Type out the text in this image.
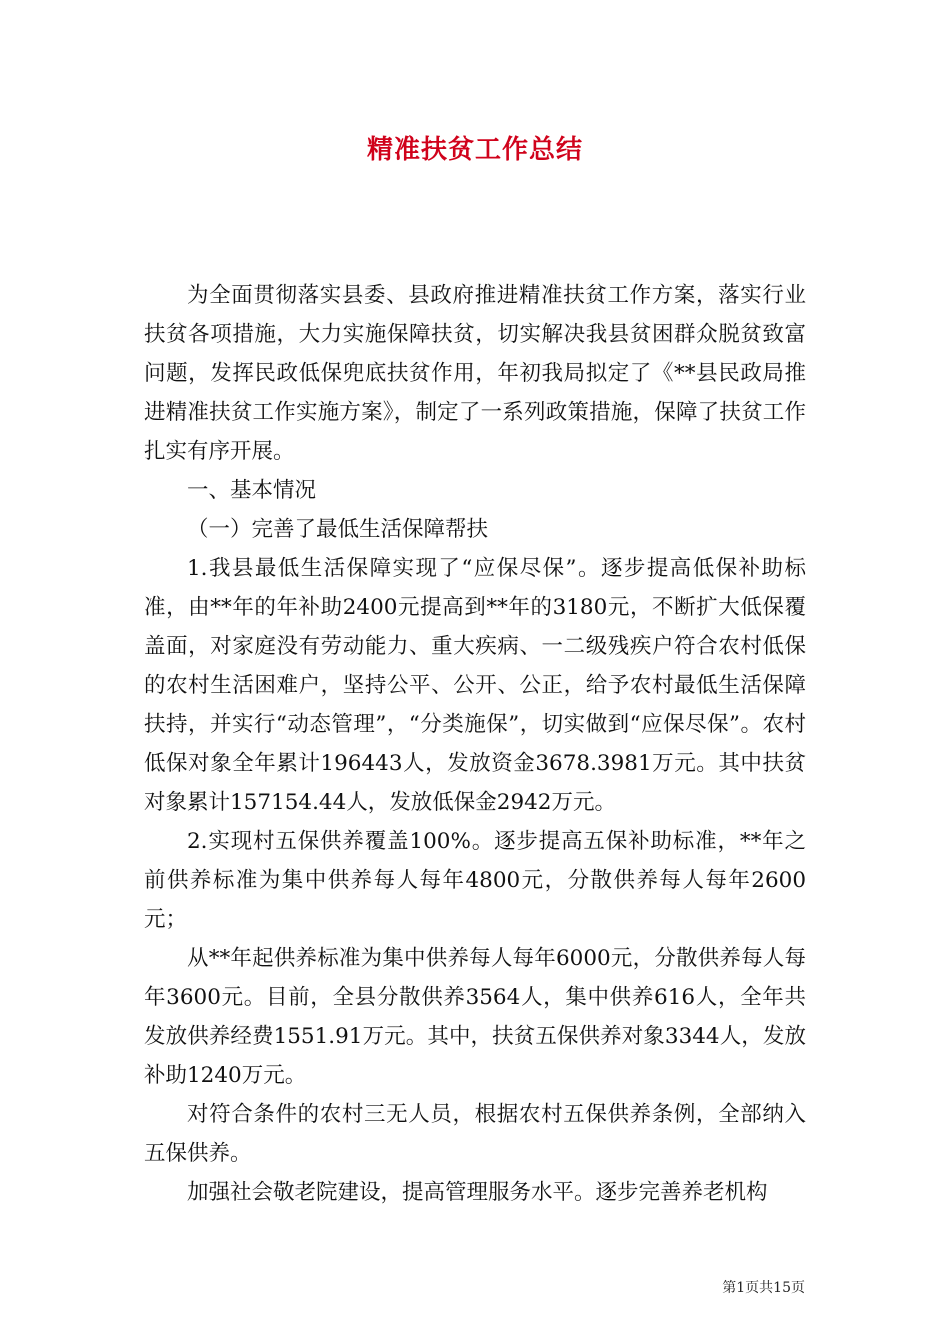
精准扶贫工作总结

为全面贯彻落实县委、县政府推进精准扶贫工作方案，落实行业扶贫各项措施，大力实施保障扶贫，切实解决我县贫困群众脱贫致富问题，发挥民政低保兜底扶贫作用，年初我局拟定了《**县民政局推进精准扶贫工作实施方案》，制定了一系列政策措施，保障了扶贫工作扎实有序开展。

一、基本情况

（一）完善了最低生活保障帮扶

1.我县最低生活保障实现了“应保尽保”。逐步提高低保补助标准，由**年的年补助2400元提高到**年的3180元，不断扩大低保覆盖面，对家庭没有劳动能力、重大疾病、一二级残疾户符合农村低保的农村生活困难户，坚持公平、公开、公正，给予农村最低生活保障扶持，并实行“动态管理”，“分类施保”，切实做到“应保尽保”。农村低保对象全年累计196443人，发放资金3678.3981万元。其中扶贫对象累计157154.44人，发放低保金2942万元。

2.实现村五保供养覆盖100%。逐步提高五保补助标准，**年之前供养标准为集中供养每人每年4800元，分散供养每人每年2600元；

从**年起供养标准为集中供养每人每年6000元，分散供养每人每年3600元。目前，全县分散供养3564人，集中供养616人，全年共发放供养经费1551.91万元。其中，扶贫五保供养对象3344人，发放补助1240万元。

对符合条件的农村三无人员，根据农村五保供养条例，全部纳入五保供养。

加强社会敬老院建设，提高管理服务水平。逐步完善养老机构

第1页共15页
